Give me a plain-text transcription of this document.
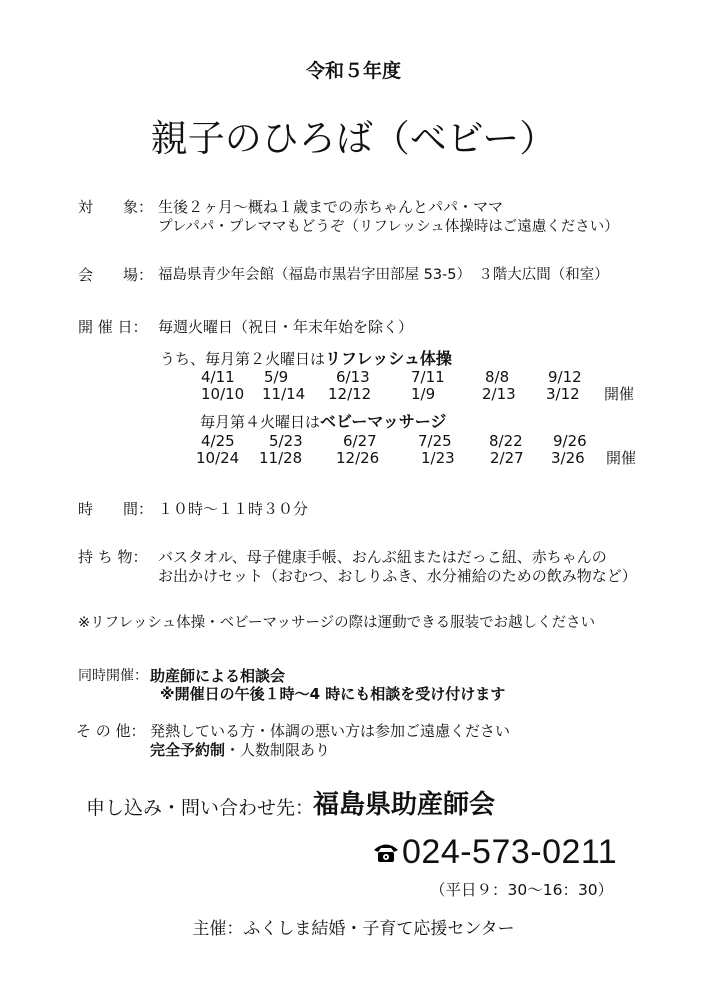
令和５年度
親子のひろば（ベビー）
対　　象： 生後２ヶ月～概ね１歳までの赤ちゃんとパパ・ママ
プレパパ・プレママもどうぞ（リフレッシュ体操時はご遠慮ください）
会　　場： 福島県青少年会館（福島市黒岩字田部屋 53-5）　３階大広間（和室）
開 催 日： 毎週火曜日（祝日・年末年始を除く）
うち、毎月第２火曜日はリフレッシュ体操
4/11 5/9	6/13	7/11	8/8	9/12
10/10 11/14 12/12	1/9	2/13 3/12 開催
毎月第４火曜日はベビーマッサージ
4/25 5/23	6/27	7/25 8/22 9/26
10/24 11/28 12/26	1/23 2/27 3/26 開催
時　　間： １０時～１１時３０分
持 ち 物： バスタオル、母子健康手帳、おんぶ紐またはだっこ紐、赤ちゃんの
お出かけセット（おむつ、おしりふき、水分補給のための飲み物など）
※リフレッシュ体操・ベビーマッサージの際は運動できる服装でお越しください
同時開催： 助産師による相談会
※開催日の午後１時～4 時にも相談を受け付けます
そ の 他： 発熱している方・体調の悪い方は参加ご遠慮ください
完全予約制・人数制限あり
申し込み・問い合わせ先：
福島県助産師会
024-573-0211
（平日９：30～16：30）
主催：ふくしま結婚・子育て応援センター
